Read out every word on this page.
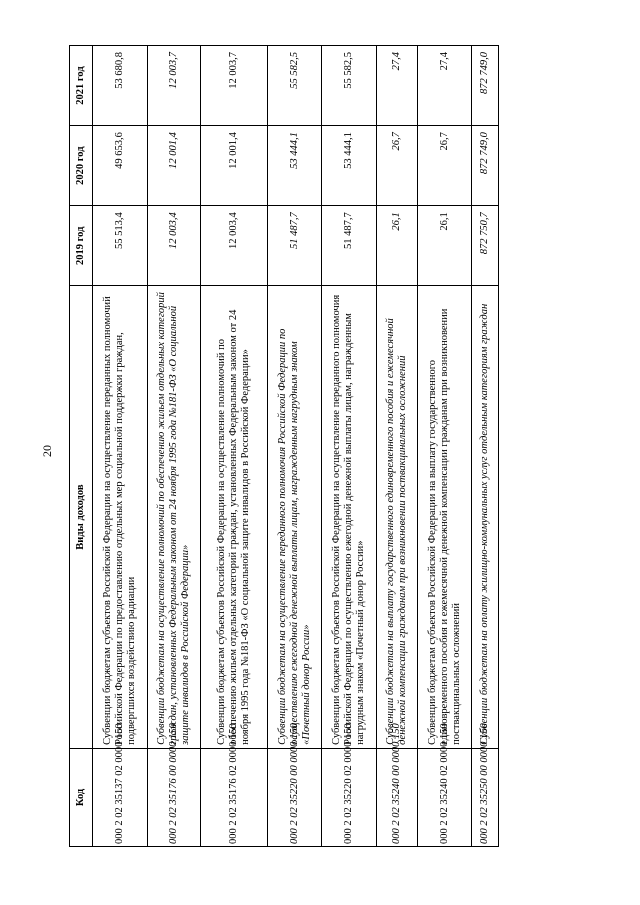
20
Код	Виды доходов	2019 год	2020 год	2021 год
000 2 02 35137 02 0000 150	Субвенции бюджетам субъектов Российской Федерации на осуществление переданных полномочий Российской Федерации по предоставлению отдельных мер социальной поддержки граждан, подвергшихся воздействию радиации	55 513,4	49 653,6	53 680,8
000 2 02 35176 00 0000 150	Субвенции бюджетам на осуществление полномочий по обеспечению жильем отдельных категорий граждан, установленных Федеральным законом от 24 ноября 1995 года №181-ФЗ «О социальной защите инвалидов в Российской Федерации»	12 003,4	12 001,4	12 003,7
000 2 02 35176 02 0000 150	Субвенции бюджетам субъектов Российской Федерации на осуществление полномочий по обеспечению жильем отдельных категорий граждан, установленных Федеральным законом от 24 ноября 1995 года №181-ФЗ «О социальной защите инвалидов в Российской Федерации»	12 003,4	12 001,4	12 003,7
000 2 02 35220 00 0000 150	Субвенции бюджетам на осуществление переданного полномочия Российской Федерации по осуществлению ежегодной денежной выплаты лицам, награжденным нагрудным знаком «Почетный донор России»	51 487,7	53 444,1	55 582,5
000 2 02 35220 02 0000 150	Субвенции бюджетам субъектов Российской Федерации на осуществление переданного полномочия Российской Федерации по осуществлению ежегодной денежной выплаты лицам, награжденным нагрудным знаком «Почетный донор России»	51 487,7	53 444,1	55 582,5
000 2 02 35240 00 0000 150	Субвенции бюджетам на выплату государственного единовременного пособия и ежемесячной денежной компенсации гражданам при возникновении поствакцинальных осложнений	26,1	26,7	27,4
000 2 02 35240 02 0000 150	Субвенции бюджетам субъектов Российской Федерации на выплату государственного единовременного пособия и ежемесячной денежной компенсации гражданам при возникновении поствакцинальных осложнений	26,1	26,7	27,4
000 2 02 35250 00 0000 150	Субвенции бюджетам на оплату жилищно-коммунальных услуг отдельным категориям граждан	872 750,7	872 749,0	872 749,0
